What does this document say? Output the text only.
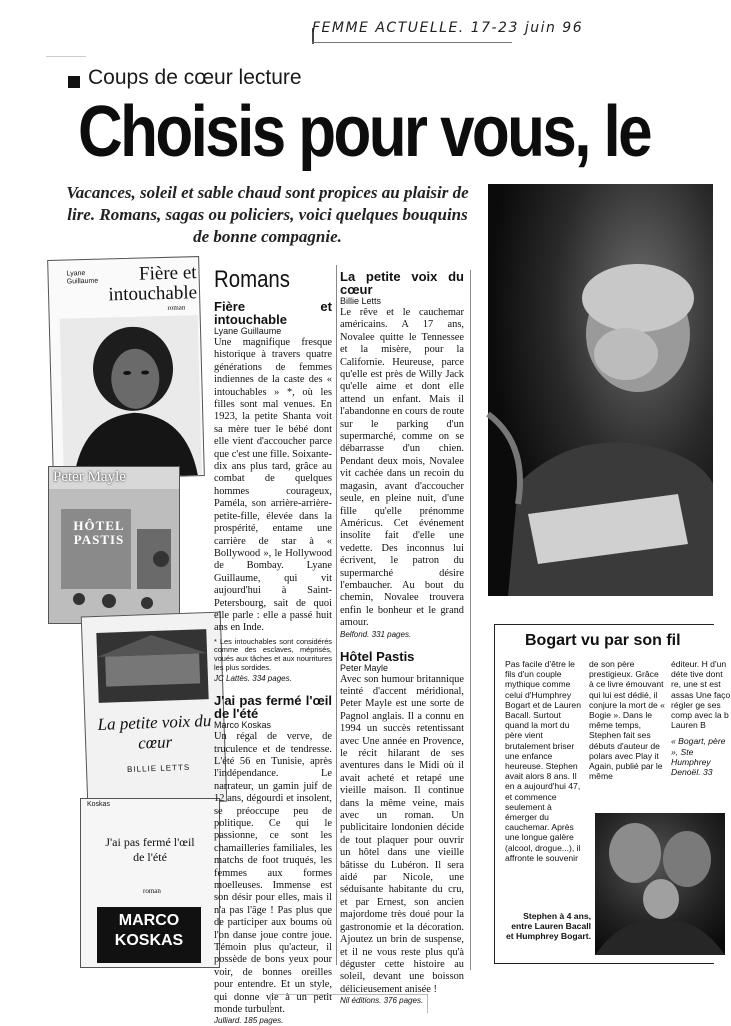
FEMME ACTUELLE. 17-23 juin 96
Coups de cœur lecture
Choisis pour vous, le
Vacances, soleil et sable chaud sont propices au plaisir de lire. Romans, sagas ou policiers, voici quelques bouquins de bonne compagnie.
Lyane Guillaume	Fière et intouchable
roman
Peter Mayle
HÔTEL PASTIS
La petite voix du cœur
BILLIE LETTS
Koskas
J'ai pas fermé l'œil de l'été
roman
MARCO KOSKAS
Romans
Fière et intouchable
Lyane Guillaume

Une magnifique fresque historique à travers quatre générations de femmes indiennes de la caste des « intouchables » *, où les filles sont mal venues. En 1923, la petite Shanta voit sa mère tuer le bébé dont elle vient d'accoucher parce que c'est une fille. Soixante-dix ans plus tard, grâce au combat de quelques hommes courageux, Paméla, son arrière-arrière-petite-fille, élevée dans la prospérité, entame une carrière de star à « Bollywood », le Hollywood de Bombay. Lyane Guillaume, qui vit aujourd'hui à Saint-Petersbourg, sait de quoi elle parle : elle a passé huit ans en Inde.

* Les intouchables sont considérés comme des esclaves, méprisés, voués aux tâches et aux nourritures les plus sordides.

JC Lattès. 334 pages.

J'ai pas fermé l'œil de l'été
Marco Koskas

Un régal de verve, de truculence et de tendresse. L'été 56 en Tunisie, après l'indépendance. Le narrateur, un gamin juif de 12 ans, dégourdi et insolent, se préoccupe peu de politique. Ce qui le passionne, ce sont les chamailleries familiales, les matchs de foot truqués, les femmes aux formes moelleuses. Immense est son désir pour elles, mais il n'a pas l'âge ! Pas plus que de participer aux boums où l'on danse joue contre joue. Témoin plus qu'acteur, il possède de bons yeux pour voir, de bonnes oreilles pour entendre. Et un style, qui donne vie à un petit monde turbulent.

Julliard. 185 pages.

La petite voix du cœur
Billie Letts

Le rêve et le cauchemar américains. A 17 ans, Novalee quitte le Tennessee et la misère, pour la Californie. Heureuse, parce qu'elle est près de Willy Jack qu'elle aime et dont elle attend un enfant. Mais il l'abandonne en cours de route sur le parking d'un supermarché, comme on se débarrasse d'un chien. Pendant deux mois, Novalee vit cachée dans un recoin du magasin, avant d'accoucher seule, en pleine nuit, d'une fille qu'elle prénomme Américus. Cet événement insolite fait d'elle une vedette. Des inconnus lui écrivent, le patron du supermarché désire l'embaucher. Au bout du chemin, Novalee trouvera enfin le bonheur et le grand amour.

Belfond. 331 pages.

Hôtel Pastis
Peter Mayle

Avec son humour britannique teinté d'accent méridional, Peter Mayle est une sorte de Pagnol anglais. Il a connu en 1994 un succès retentissant avec Une année en Provence, le récit hilarant de ses aventures dans le Midi où il avait acheté et retapé une vieille maison. Il continue dans la même veine, mais avec un roman. Un publicitaire londonien décide de tout plaquer pour ouvrir un hôtel dans une vieille bâtisse du Lubéron. Il sera aidé par Nicole, une séduisante habitante du cru, et par Ernest, son ancien majordome très doué pour la gastronomie et la décoration. Ajoutez un brin de suspense, et il ne vous reste plus qu'à déguster cette histoire au soleil, devant une boisson délicieusement anisée !

Nil éditions. 376 pages.

Bogart vu par son fil
Pas facile d'être le fils d'un couple mythique comme celui d'Humphrey Bogart et de Lauren Bacall. Surtout quand la mort du père vient brutalement briser une enfance heureuse. Stephen avait alors 8 ans. Il en a aujourd'hui 47, et commence seulement à émerger du cauchemar. Après une longue galère (alcool, drogue...), il affronte le souvenir
de son père prestigieux. Grâce à ce livre émouvant qui lui est dédié, il conjure la mort de « Bogie ». Dans le même temps, Stephen fait ses débuts d'auteur de polars avec Play it Again, publié par le même
éditeur. H d'un déte tive dont re, une st est assas Une faço régler ge ses comp avec la b Lauren B
« Bogart, père », Ste Humphrey Denoël. 33
Stephen à 4 ans, entre Lauren Bacall et Humphrey Bogart.
